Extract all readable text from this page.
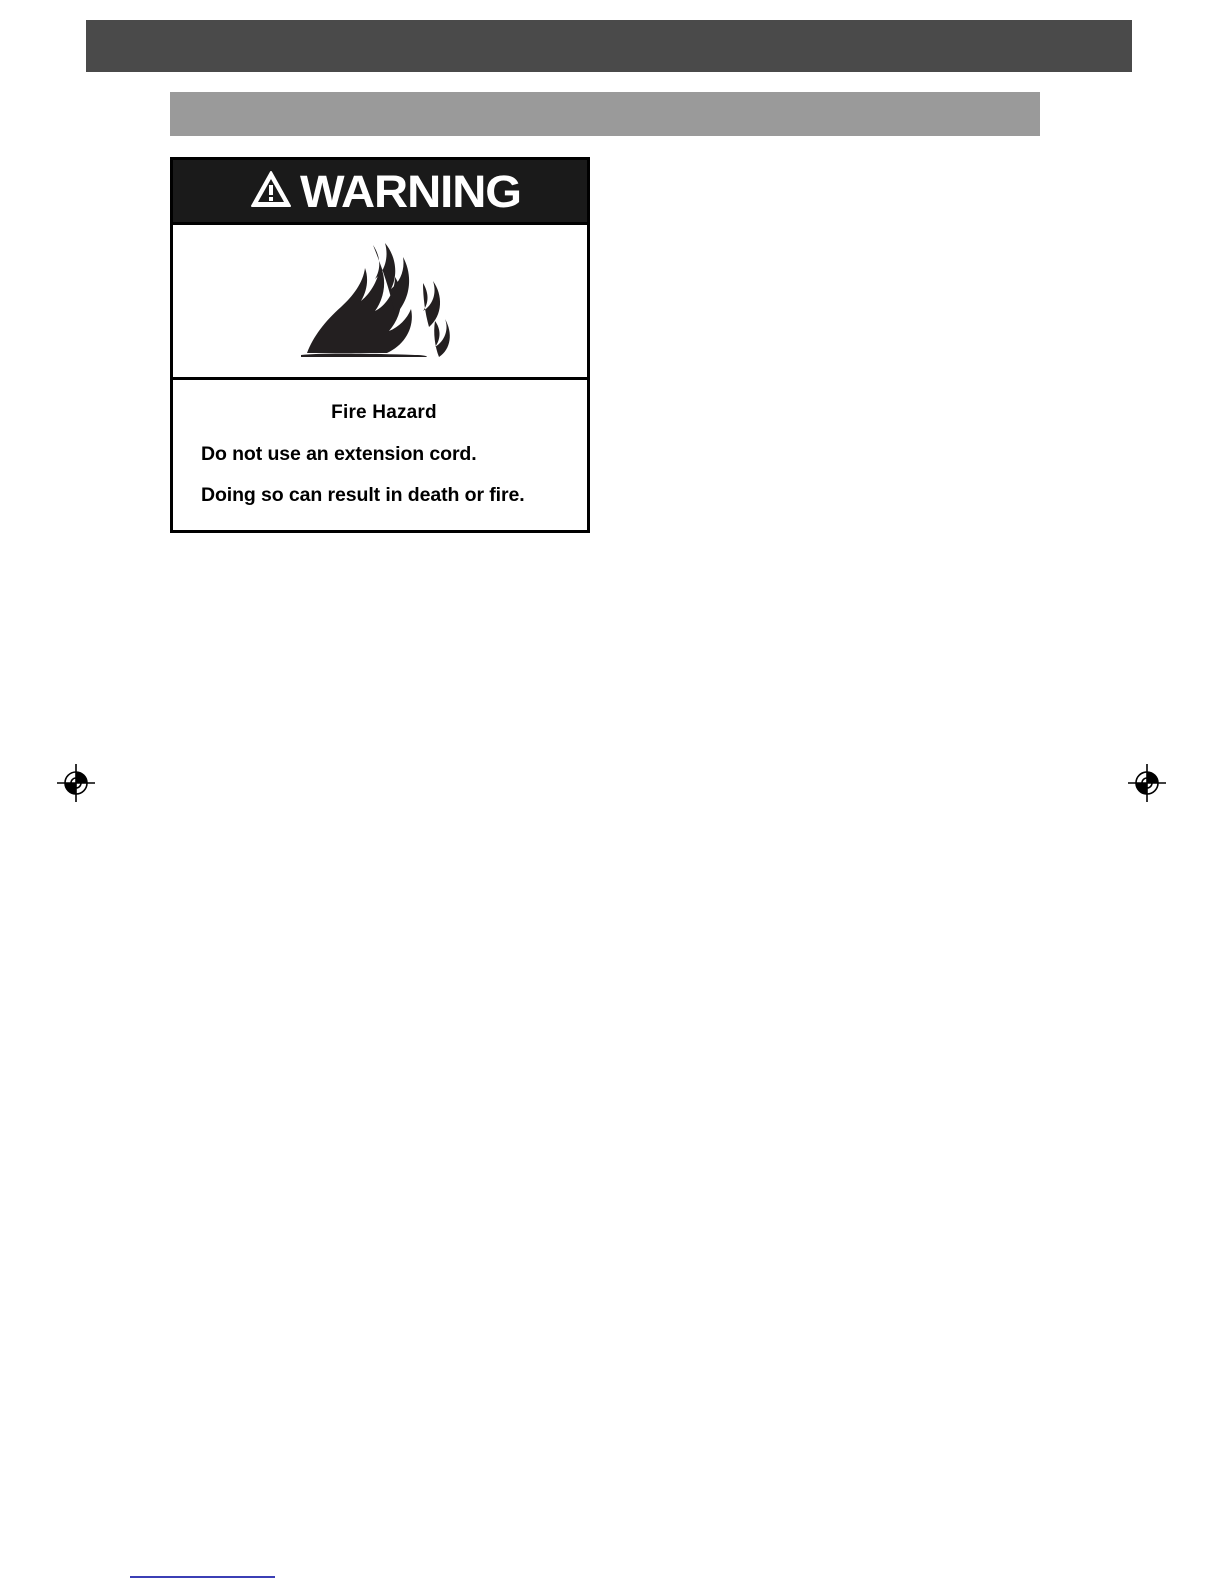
WARNING

Fire Hazard

Do not use an extension cord.

Doing so can result in death or fire.
